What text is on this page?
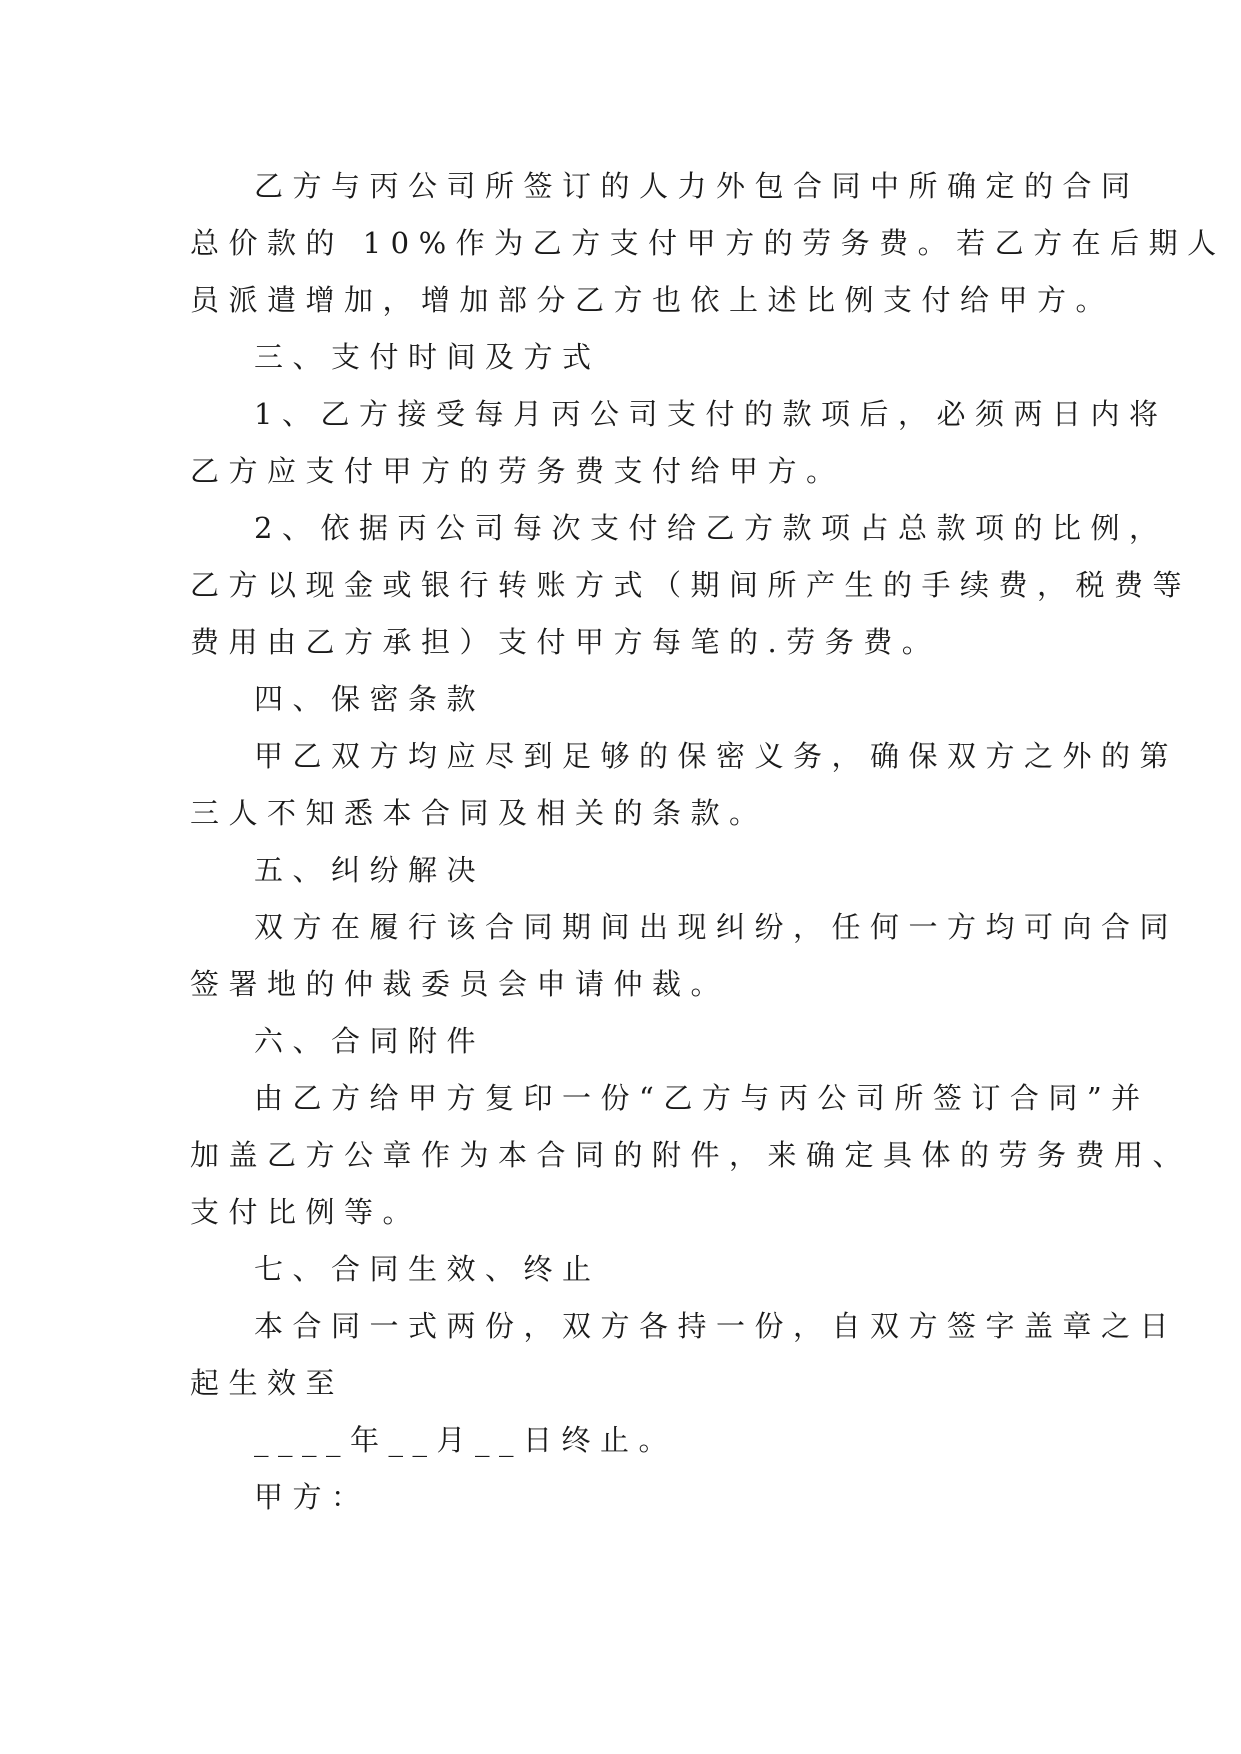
乙方与丙公司所签订的人力外包合同中所确定的合同
总价款的 10%作为乙方支付甲方的劳务费。若乙方在后期人
员派遣增加，增加部分乙方也依上述比例支付给甲方。
三、支付时间及方式
1、乙方接受每月丙公司支付的款项后，必须两日内将
乙方应支付甲方的劳务费支付给甲方。
2、依据丙公司每次支付给乙方款项占总款项的比例，
乙方以现金或银行转账方式（期间所产生的手续费，税费等
费用由乙方承担）支付甲方每笔的.劳务费。
四、保密条款
甲乙双方均应尽到足够的保密义务，确保双方之外的第
三人不知悉本合同及相关的条款。
五、纠纷解决
双方在履行该合同期间出现纠纷，任何一方均可向合同
签署地的仲裁委员会申请仲裁。
六、合同附件
由乙方给甲方复印一份“乙方与丙公司所签订合同”并
加盖乙方公章作为本合同的附件，来确定具体的劳务费用、
支付比例等。
七、合同生效、终止
本合同一式两份，双方各持一份，自双方签字盖章之日
起生效至
____年__月__日终止。
甲方：
